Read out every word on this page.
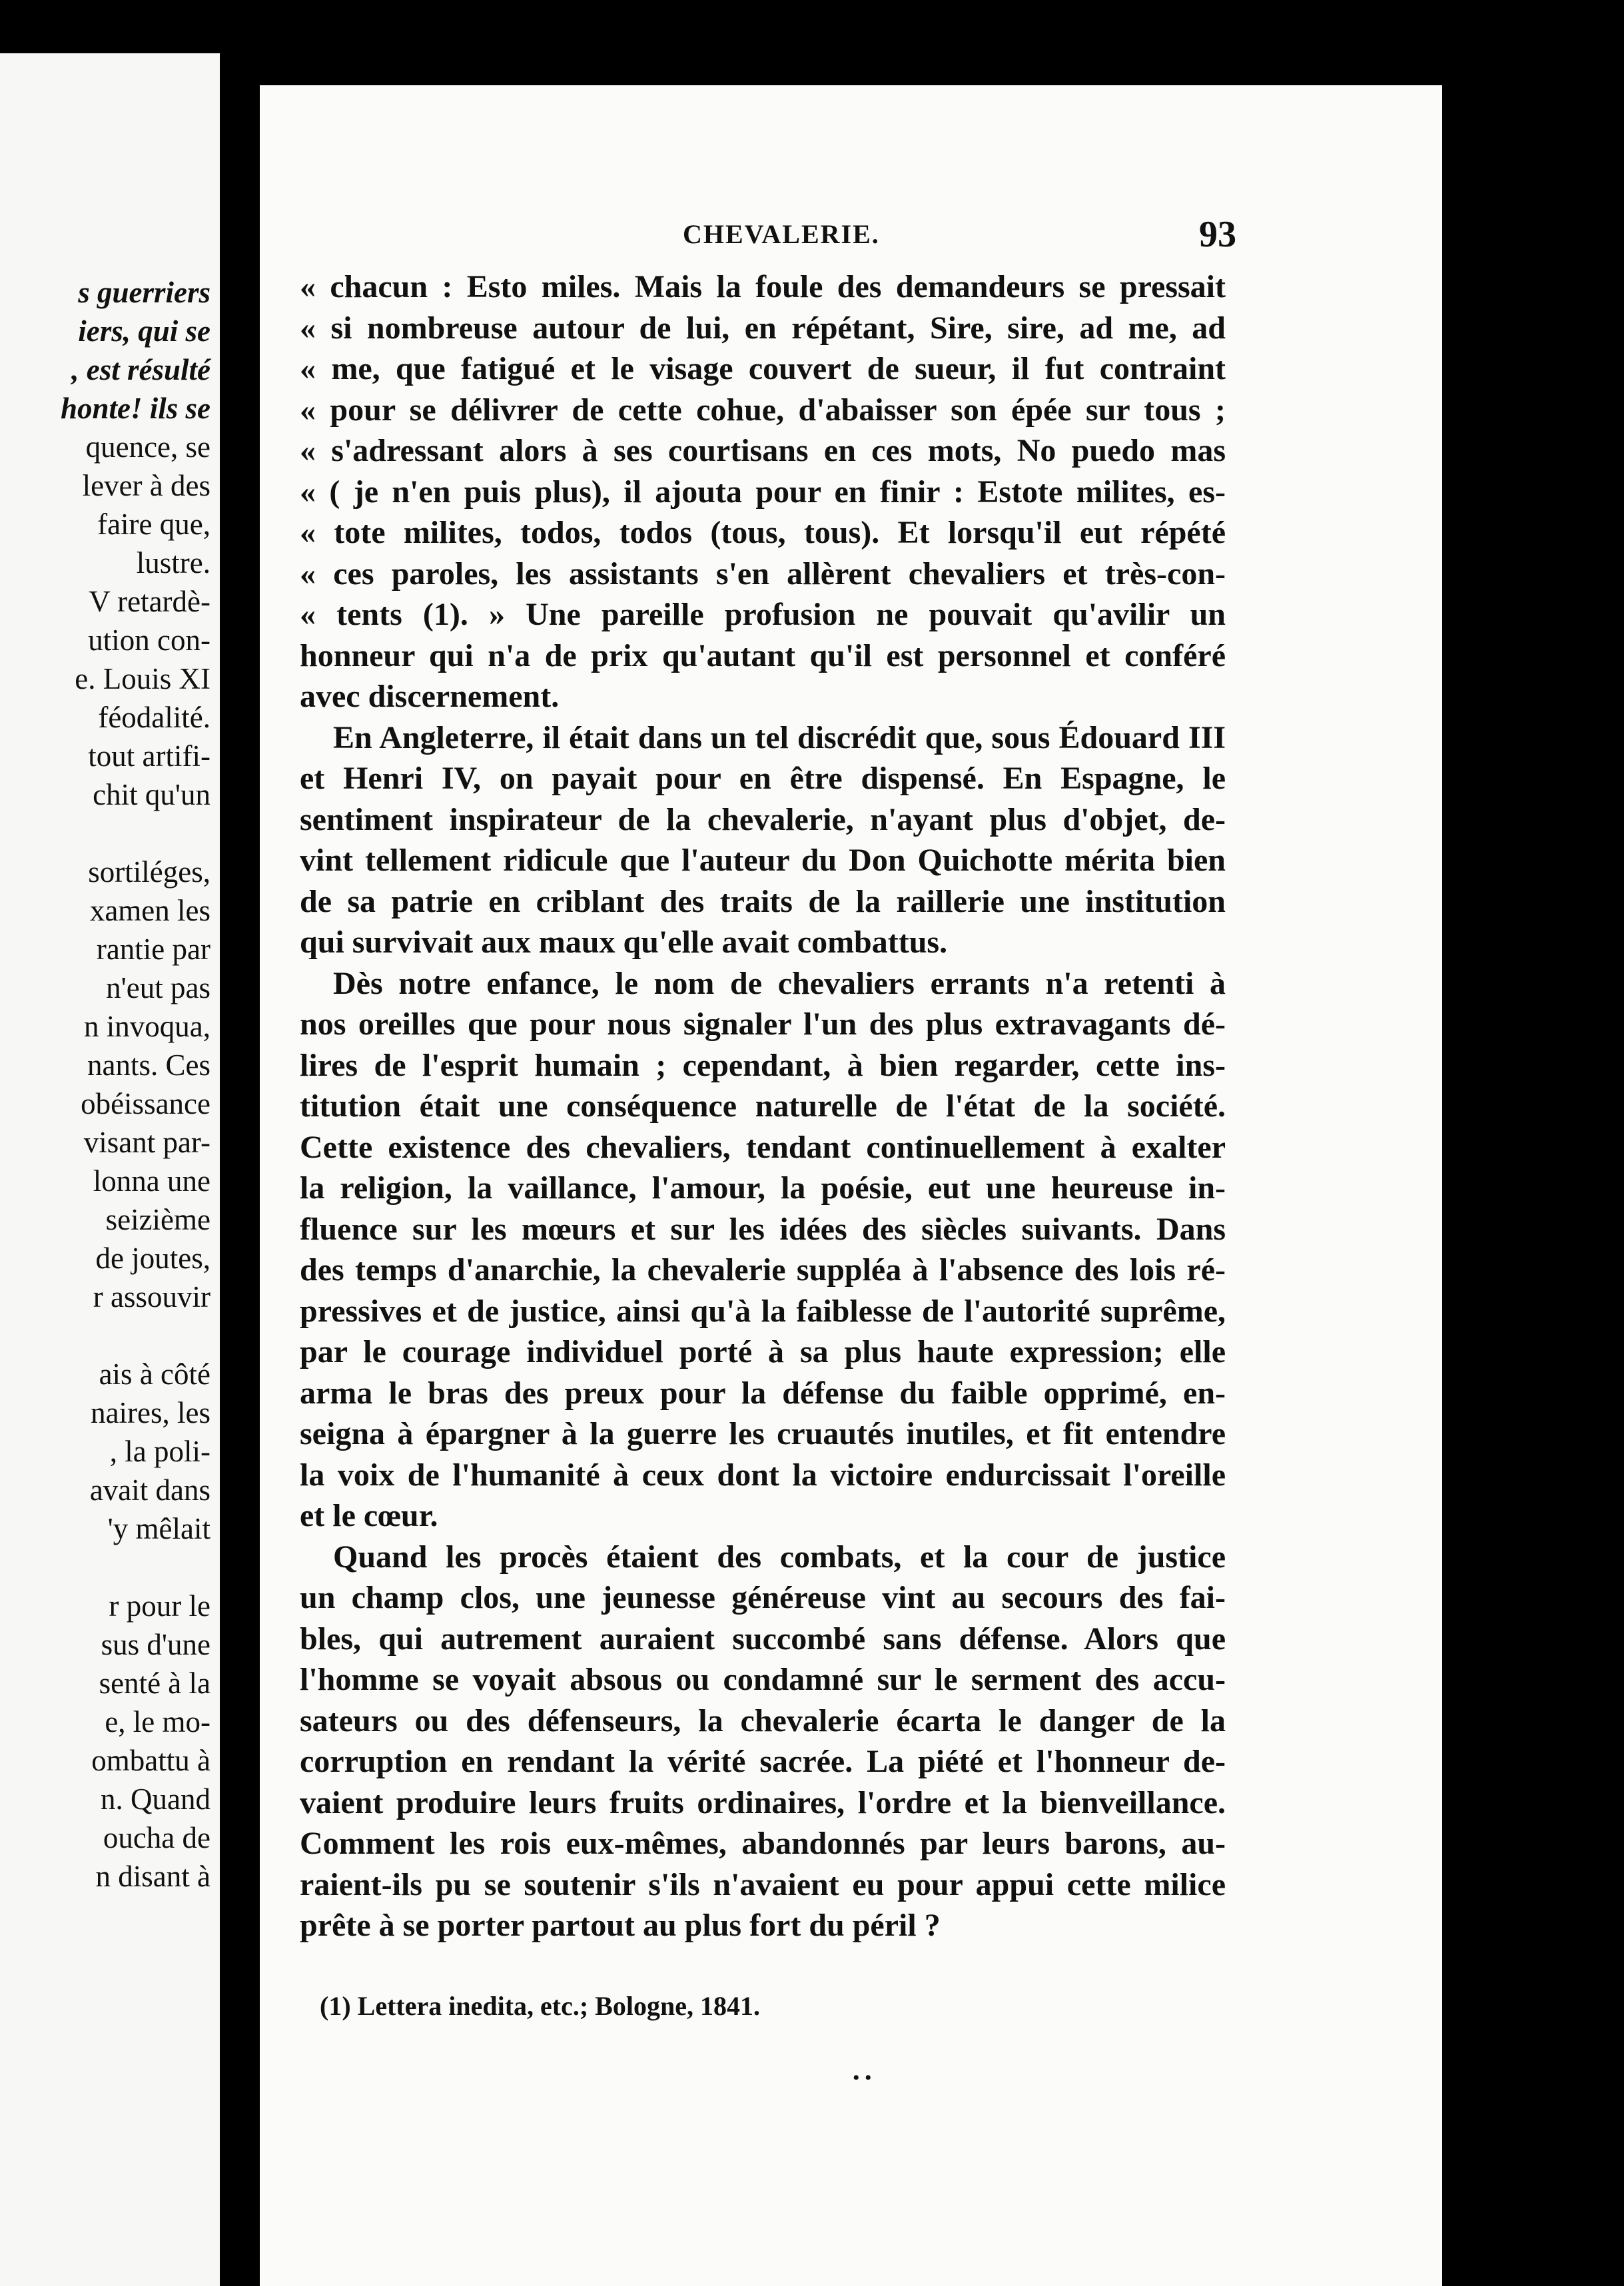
s guerriers
iers, qui se
, est résulté
honte! ils se
quence, se
lever à des
faire que,
lustre.
V retardè-
ution con-
e. Louis XI
féodalité.
tout artifi-
chit qu'un
sortiléges,
xamen les
rantie par
n'eut pas
n invoqua,
nants. Ces
obéissance
visant par-
lonna une
seizième
de joutes,
r assouvir
ais à côté
naires, les
, la poli-
avait dans
'y mêlait
r pour le
sus d'une
senté à la
e, le mo-
ombattu à
n. Quand
oucha de
n disant à
CHEVALERIE.	93
« chacun : Esto miles. Mais la foule des demandeurs se pressait
« si nombreuse autour de lui, en répétant, Sire, sire, ad me, ad
« me, que fatigué et le visage couvert de sueur, il fut contraint
« pour se délivrer de cette cohue, d'abaisser son épée sur tous ;
« s'adressant alors à ses courtisans en ces mots, No puedo mas
« ( je n'en puis plus), il ajouta pour en finir : Estote milites, es-
« tote milites, todos, todos (tous, tous). Et lorsqu'il eut répété
« ces paroles, les assistants s'en allèrent chevaliers et très-con-
« tents (1). » Une pareille profusion ne pouvait qu'avilir un
honneur qui n'a de prix qu'autant qu'il est personnel et conféré
avec discernement.
En Angleterre, il était dans un tel discrédit que, sous Édouard III
et Henri IV, on payait pour en être dispensé. En Espagne, le
sentiment inspirateur de la chevalerie, n'ayant plus d'objet, de-
vint tellement ridicule que l'auteur du Don Quichotte mérita bien
de sa patrie en criblant des traits de la raillerie une institution
qui survivait aux maux qu'elle avait combattus.
Dès notre enfance, le nom de chevaliers errants n'a retenti à
nos oreilles que pour nous signaler l'un des plus extravagants dé-
lires de l'esprit humain ; cependant, à bien regarder, cette ins-
titution était une conséquence naturelle de l'état de la société.
Cette existence des chevaliers, tendant continuellement à exalter
la religion, la vaillance, l'amour, la poésie, eut une heureuse in-
fluence sur les mœurs et sur les idées des siècles suivants. Dans
des temps d'anarchie, la chevalerie suppléa à l'absence des lois ré-
pressives et de justice, ainsi qu'à la faiblesse de l'autorité suprême,
par le courage individuel porté à sa plus haute expression; elle
arma le bras des preux pour la défense du faible opprimé, en-
seigna à épargner à la guerre les cruautés inutiles, et fit entendre
la voix de l'humanité à ceux dont la victoire endurcissait l'oreille
et le cœur.
Quand les procès étaient des combats, et la cour de justice
un champ clos, une jeunesse généreuse vint au secours des fai-
bles, qui autrement auraient succombé sans défense. Alors que
l'homme se voyait absous ou condamné sur le serment des accu-
sateurs ou des défenseurs, la chevalerie écarta le danger de la
corruption en rendant la vérité sacrée. La piété et l'honneur de-
vaient produire leurs fruits ordinaires, l'ordre et la bienveillance.
Comment les rois eux-mêmes, abandonnés par leurs barons, au-
raient-ils pu se soutenir s'ils n'avaient eu pour appui cette milice
prête à se porter partout au plus fort du péril ?
(1) Lettera inedita, etc.; Bologne, 1841.
• •
